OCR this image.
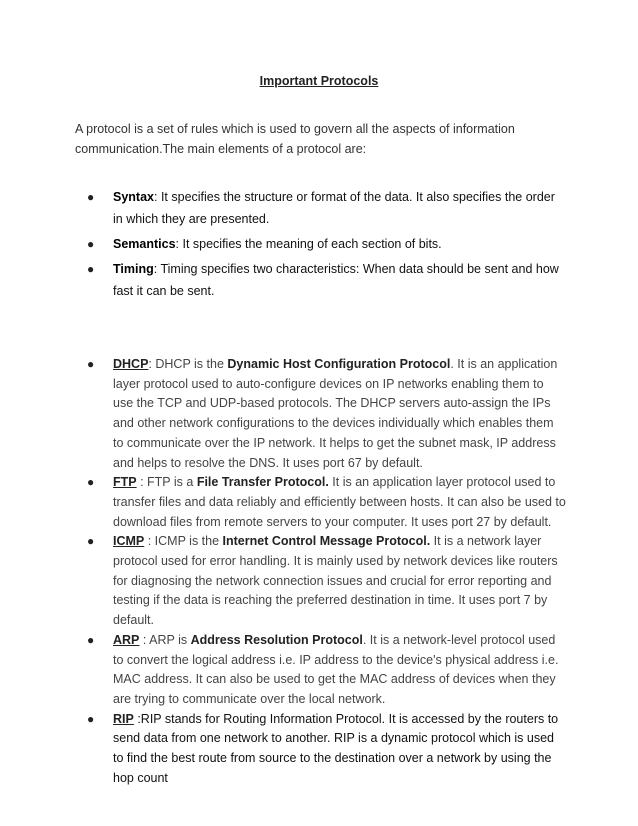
Important Protocols
A protocol is a set of rules which is used to govern all the aspects of information communication.The main elements of a protocol are:
● Syntax: It specifies the structure or format of the data. It also specifies the order in which they are presented.
● Semantics: It specifies the meaning of each section of bits.
● Timing: Timing specifies two characteristics: When data should be sent and how fast it can be sent.
● DHCP: DHCP is the Dynamic Host Configuration Protocol. It is an application layer protocol used to auto-configure devices on IP networks enabling them to use the TCP and UDP-based protocols. The DHCP servers auto-assign the IPs and other network configurations to the devices individually which enables them to communicate over the IP network. It helps to get the subnet mask, IP address and helps to resolve the DNS. It uses port 67 by default.
● FTP : FTP is a File Transfer Protocol. It is an application layer protocol used to transfer files and data reliably and efficiently between hosts. It can also be used to download files from remote servers to your computer. It uses port 27 by default.
● ICMP : ICMP is the Internet Control Message Protocol. It is a network layer protocol used for error handling. It is mainly used by network devices like routers for diagnosing the network connection issues and crucial for error reporting and testing if the data is reaching the preferred destination in time. It uses port 7 by default.
● ARP : ARP is Address Resolution Protocol. It is a network-level protocol used to convert the logical address i.e. IP address to the device's physical address i.e. MAC address. It can also be used to get the MAC address of devices when they are trying to communicate over the local network.
● RIP :RIP stands for Routing Information Protocol. It is accessed by the routers to send data from one network to another. RIP is a dynamic protocol which is used to find the best route from source to the destination over a network by using the hop count
